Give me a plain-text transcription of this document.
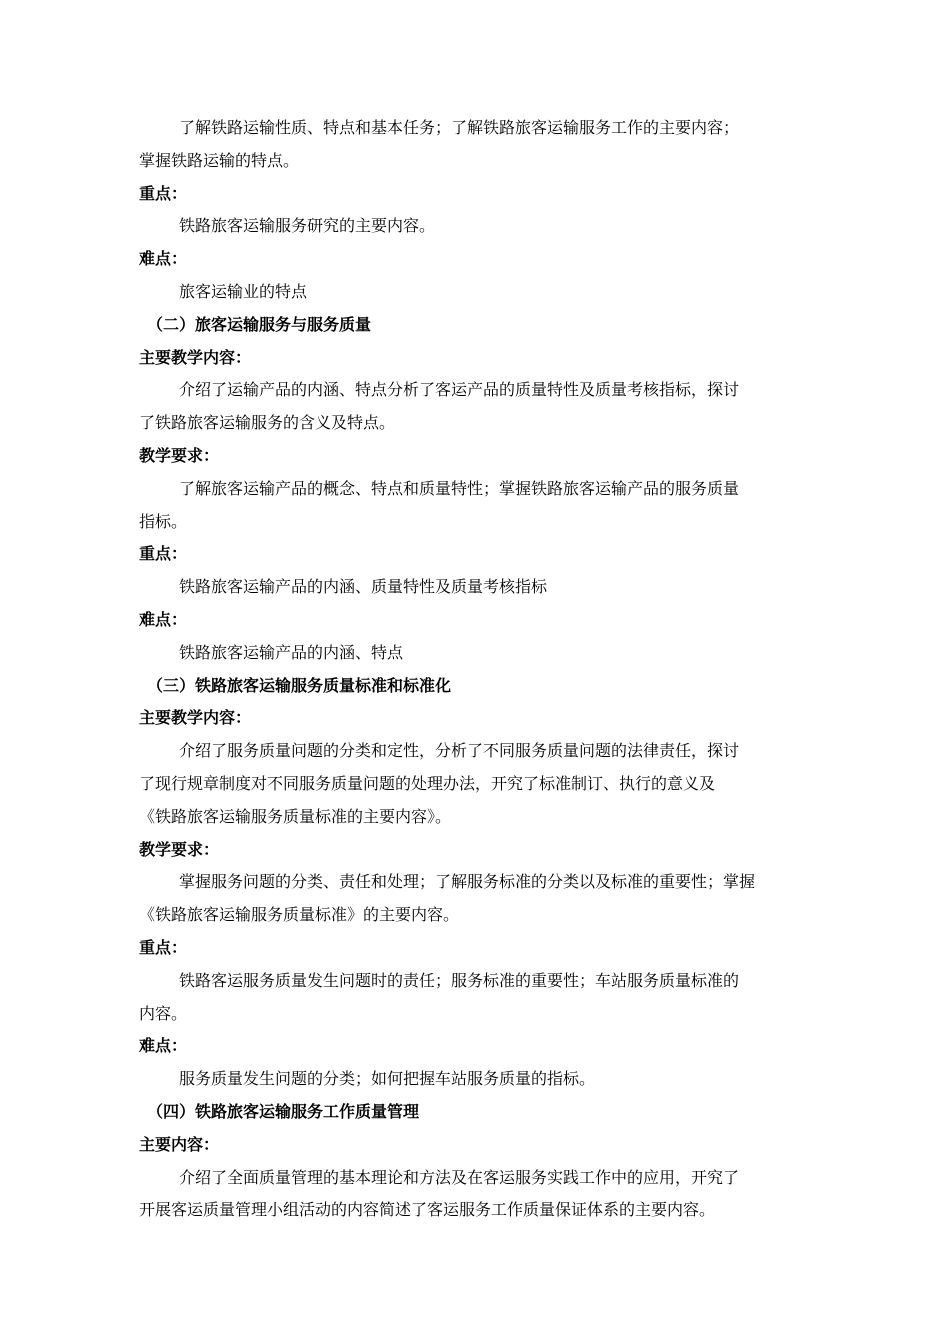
了解铁路运输性质、特点和基本任务；了解铁路旅客运输服务工作的主要内容；

掌握铁路运输的特点。

重点：

铁路旅客运输服务研究的主要内容。

难点：

旅客运输业的特点

（二）旅客运输服务与服务质量

主要教学内容：

介绍了运输产品的内涵、特点分析了客运产品的质量特性及质量考核指标，探讨

了铁路旅客运输服务的含义及特点。

教学要求：

了解旅客运输产品的概念、特点和质量特性；掌握铁路旅客运输产品的服务质量

指标。

重点：

铁路旅客运输产品的内涵、质量特性及质量考核指标

难点：

铁路旅客运输产品的内涵、特点

（三）铁路旅客运输服务质量标准和标准化

主要教学内容：

介绍了服务质量问题的分类和定性，分析了不同服务质量问题的法律责任，探讨

了现行规章制度对不同服务质量问题的处理办法，开究了标准制订、执行的意义及

《铁路旅客运输服务质量标准的主要内容》。

教学要求：

掌握服务问题的分类、责任和处理；了解服务标准的分类以及标准的重要性；掌握

《铁路旅客运输服务质量标准》的主要内容。

重点：

铁路客运服务质量发生问题时的责任；服务标准的重要性；车站服务质量标准的

内容。

难点：

服务质量发生问题的分类；如何把握车站服务质量的指标。

（四）铁路旅客运输服务工作质量管理

主要内容：

介绍了全面质量管理的基本理论和方法及在客运服务实践工作中的应用，开究了

开展客运质量管理小组活动的内容简述了客运服务工作质量保证体系的主要内容。
